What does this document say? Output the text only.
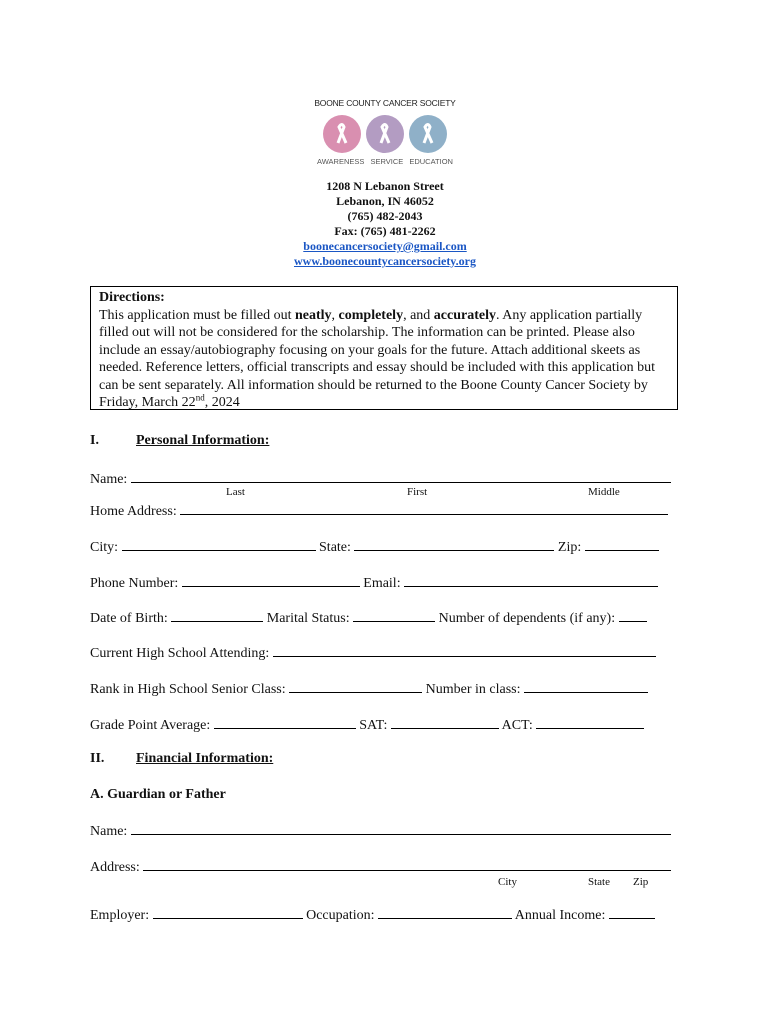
BOONE COUNTY CANCER SOCIETY
AWARENESS SERVICE EDUCATION
1208 N Lebanon Street
Lebanon, IN 46052
(765) 482-2043
Fax: (765) 481-2262
boonecancersociety@gmail.com
www.boonecountycancersociety.org
Directions:
This application must be filled out neatly, completely, and accurately. Any application partially filled out will not be considered for the scholarship. The information can be printed. Please also include an essay/autobiography focusing on your goals for the future. Attach additional skeets as needed. Reference letters, official transcripts and essay should be included with this application but can be sent separately. All information should be returned to the Boone County Cancer Society by Friday, March 22nd, 2024
I.	Personal Information:
Name:
Last	First	Middle
Home Address:
City:	State:	Zip:
Phone Number:	Email:
Date of Birth:	Marital Status:	Number of dependents (if any):
Current High School Attending:
Rank in High School Senior Class:	Number in class:
Grade Point Average:	SAT:	ACT:
II. Financial Information:
A. Guardian or Father
Name:
Address:
City	State Zip
Employer:	Occupation:	Annual Income:
